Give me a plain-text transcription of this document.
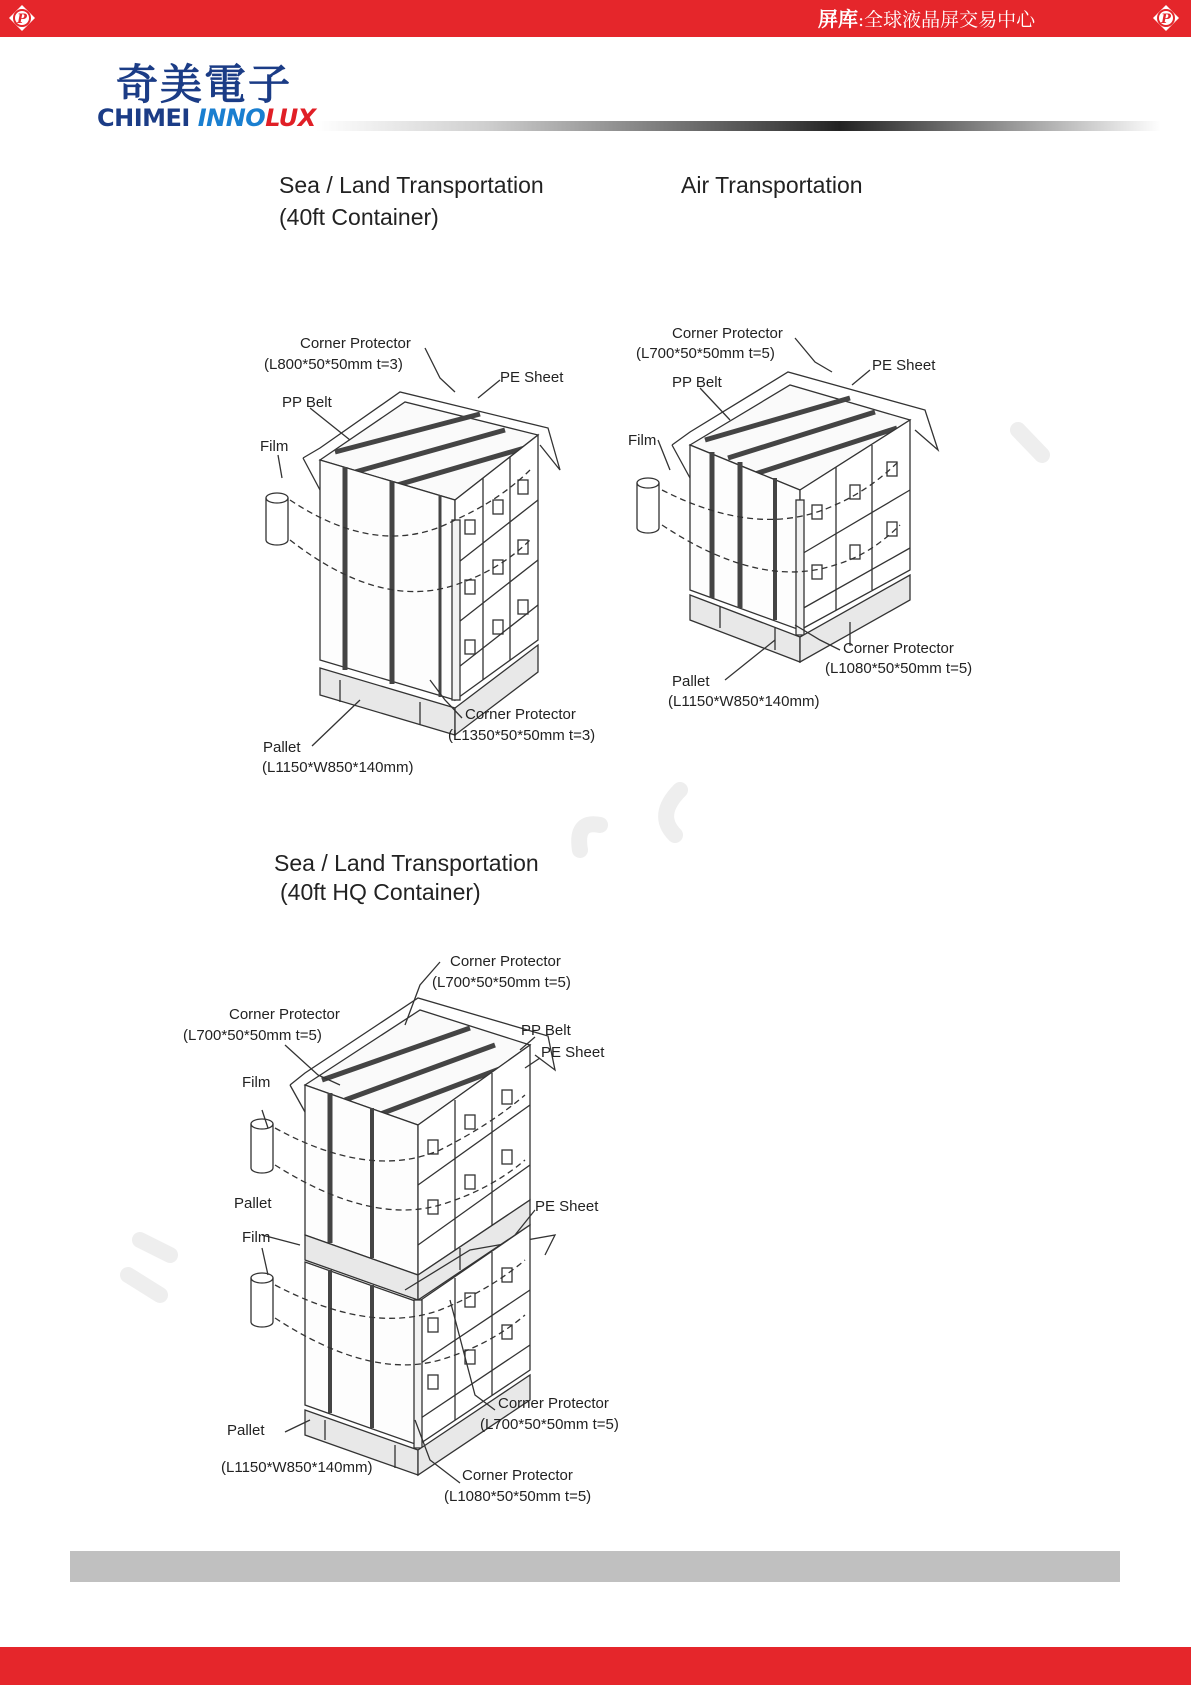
P	屏库:全球液晶屏交易中心	P
奇美電子
CHIMEI INNOLUX
Sea / Land Transportation
(40ft Container)
Air Transportation
Sea / Land Transportation
(40ft HQ Container)
Corner Protector
(L800*50*50mm t=3)
PE Sheet
PP Belt
Film
Corner Protector
(L1350*50*50mm t=3)
Pallet
(L1150*W850*140mm)
Corner Protector
(L700*50*50mm t=5)
PE Sheet
PP Belt
Film
Corner Protector
(L1080*50*50mm t=5)
Pallet
(L1150*W850*140mm)
Corner Protector
(L700*50*50mm t=5)
Corner Protector
(L700*50*50mm t=5)	PP Belt
PE Sheet
Film
Pallet	PE Sheet
Film
Corner Protector
(L700*50*50mm t=5)
Pallet
(L1150*W850*140mm)	Corner Protector
(L1080*50*50mm t=5)
